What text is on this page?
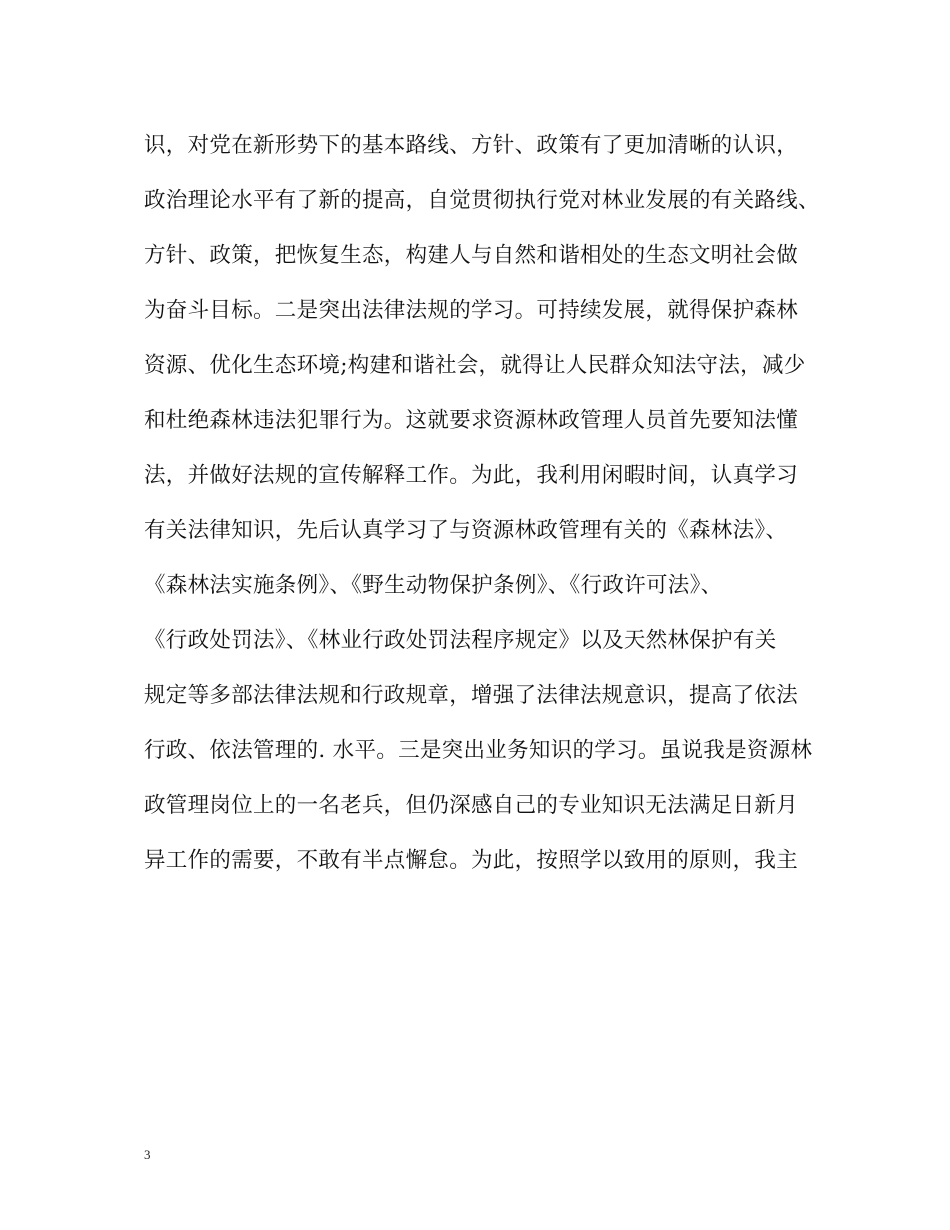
识，对党在新形势下的基本路线、方针、政策有了更加清晰的认识，
政治理论水平有了新的提高，自觉贯彻执行党对林业发展的有关路线、
方针、政策，把恢复生态，构建人与自然和谐相处的生态文明社会做
为奋斗目标。二是突出法律法规的学习。可持续发展，就得保护森林
资源、优化生态环境;构建和谐社会，就得让人民群众知法守法，减少
和杜绝森林违法犯罪行为。这就要求资源林政管理人员首先要知法懂
法，并做好法规的宣传解释工作。为此，我利用闲暇时间，认真学习
有关法律知识，先后认真学习了与资源林政管理有关的《森林法》、
《森林法实施条例》、《野生动物保护条例》、《行政许可法》、
《行政处罚法》、《林业行政处罚法程序规定》以及天然林保护有关
规定等多部法律法规和行政规章，增强了法律法规意识，提高了依法
行政、依法管理的. 水平。三是突出业务知识的学习。虽说我是资源林
政管理岗位上的一名老兵，但仍深感自己的专业知识无法满足日新月
异工作的需要，不敢有半点懈怠。为此，按照学以致用的原则，我主
3
